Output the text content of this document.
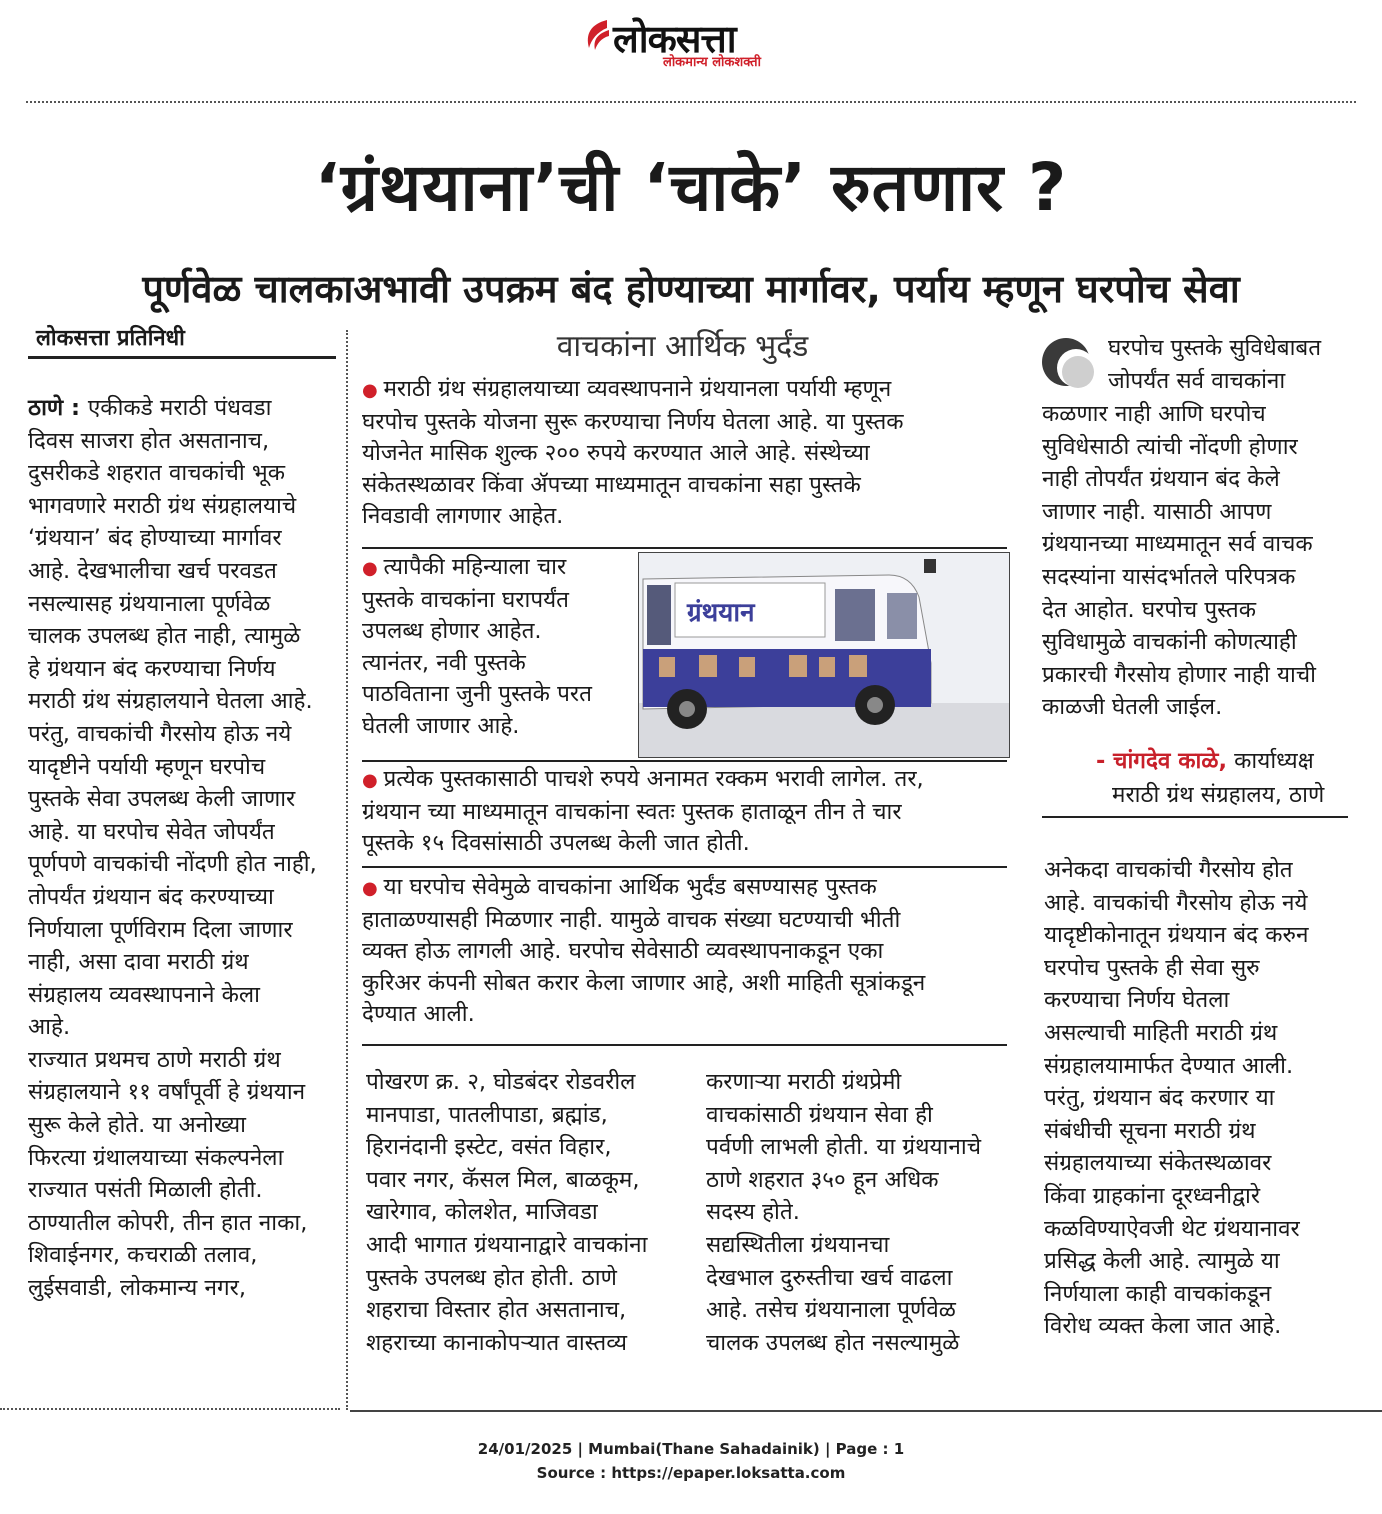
लोकसत्ता
लोकमान्य लोकशक्ती
‘ग्रंथयाना’ची ‘चाके’ रुतणार ?
पूर्णवेळ चालकाअभावी उपक्रम बंद होण्याच्या मार्गावर, पर्याय म्हणून घरपोच सेवा
लोकसत्ता प्रतिनिधी

ठाणे : एकीकडे मराठी पंधवडा

दिवस साजरा होत असतानाच,

दुसरीकडे शहरात वाचकांची भूक

भागवणारे मराठी ग्रंथ संग्रहालयाचे

‘ग्रंथयान’ बंद होण्याच्या मार्गावर

आहे. देखभालीचा खर्च परवडत

नसल्यासह ग्रंथयानाला पूर्णवेळ

चालक उपलब्ध होत नाही, त्यामुळे

हे ग्रंथयान बंद करण्याचा निर्णय

मराठी ग्रंथ संग्रहालयाने घेतला आहे.

परंतु, वाचकांची गैरसोय होऊ नये

यादृष्टीने पर्यायी म्हणून घरपोच

पुस्तके सेवा उपलब्ध केली जाणार

आहे. या घरपोच सेवेत जोपर्यंत

पूर्णपणे वाचकांची नोंदणी होत नाही,

तोपर्यंत ग्रंथयान बंद करण्याच्या

निर्णयाला पूर्णविराम दिला जाणार

नाही, असा दावा मराठी ग्रंथ

संग्रहालय व्यवस्थापनाने केला

आहे.

राज्यात प्रथमच ठाणे मराठी ग्रंथ

संग्रहालयाने ११ वर्षांपूर्वी हे ग्रंथयान

सुरू केले होते. या अनोख्या

फिरत्या ग्रंथालयाच्या संकल्पनेला

राज्यात पसंती मिळाली होती.

ठाण्यातील कोपरी, तीन हात नाका,

शिवाईनगर, कचराळी तलाव,

लुईसवाडी, लोकमान्य नगर,

वाचकांना आर्थिक भुर्दंड

● मराठी ग्रंथ संग्रहालयाच्या व्यवस्थापनाने ग्रंथयानला पर्यायी म्हणून

घरपोच पुस्तके योजना सुरू करण्याचा निर्णय घेतला आहे. या पुस्तक

योजनेत मासिक शुल्क २०० रुपये करण्यात आले आहे. संस्थेच्या

संकेतस्थळावर किंवा ॲपच्या माध्यमातून वाचकांना सहा पुस्तके

निवडावी लागणार आहेत.

● त्यापैकी महिन्याला चार

पुस्तके वाचकांना घरापर्यंत

उपलब्ध होणार आहेत.

त्यानंतर, नवी पुस्तके

पाठविताना जुनी पुस्तके परत

घेतली जाणार आहे.

ग्रंथयान

● प्रत्येक पुस्तकासाठी पाचशे रुपये अनामत रक्कम भरावी लागेल. तर,

ग्रंथयान च्या माध्यमातून वाचकांना स्वतः पुस्तक हाताळून तीन ते चार

पूस्तके १५ दिवसांसाठी उपलब्ध केली जात होती.

● या घरपोच सेवेमुळे वाचकांना आर्थिक भुर्दंड बसण्यासह पुस्तक

हाताळण्यासही मिळणार नाही. यामुळे वाचक संख्या घटण्याची भीती

व्यक्त होऊ लागली आहे. घरपोच सेवेसाठी व्यवस्थापनाकडून एका

कुरिअर कंपनी सोबत करार केला जाणार आहे, अशी माहिती सूत्रांकडून

देण्यात आली.

पोखरण क्र. २, घोडबंदर रोडवरील

मानपाडा, पातलीपाडा, ब्रह्मांड,

हिरानंदानी इस्टेट, वसंत विहार,

पवार नगर, कॅसल मिल, बाळकूम,

खारेगाव, कोलशेत, माजिवडा

आदी भागात ग्रंथयानाद्वारे वाचकांना

पुस्तके उपलब्ध होत होती. ठाणे

शहराचा विस्तार होत असतानाच,

शहराच्या कानाकोपऱ्यात वास्तव्य

करणाऱ्या मराठी ग्रंथप्रेमी

वाचकांसाठी ग्रंथयान सेवा ही

पर्वणी लाभली होती. या ग्रंथयानाचे

ठाणे शहरात ३५० हून अधिक

सदस्य होते.

सद्यस्थितीला ग्रंथयानचा

देखभाल दुरुस्तीचा खर्च वाढला

आहे. तसेच ग्रंथयानाला पूर्णवेळ

चालक उपलब्ध होत नसल्यामुळे

घरपोच पुस्तके सुविधेबाबत

जोपर्यंत सर्व वाचकांना

कळणार नाही आणि घरपोच

सुविधेसाठी त्यांची नोंदणी होणार

नाही तोपर्यंत ग्रंथयान बंद केले

जाणार नाही. यासाठी आपण

ग्रंथयानच्या माध्यमातून सर्व वाचक

सदस्यांना यासंदर्भातले परिपत्रक

देत आहोत. घरपोच पुस्तक

सुविधामुळे वाचकांनी कोणत्याही

प्रकारची गैरसोय होणार नाही याची

काळजी घेतली जाईल.

- चांगदेव काळे, कार्याध्यक्ष
मराठी ग्रंथ संग्रहालय, ठाणे

अनेकदा वाचकांची गैरसोय होत

आहे. वाचकांची गैरसोय होऊ नये

यादृष्टीकोनातून ग्रंथयान बंद करुन

घरपोच पुस्तके ही सेवा सुरु

करण्याचा निर्णय घेतला

असल्याची माहिती मराठी ग्रंथ

संग्रहालयामार्फत देण्यात आली.

परंतु, ग्रंथयान बंद करणार या

संबंधीची सूचना मराठी ग्रंथ

संग्रहालयाच्या संकेतस्थळावर

किंवा ग्राहकांना दूरध्वनीद्वारे

कळविण्याऐवजी थेट ग्रंथयानावर

प्रसिद्ध केली आहे. त्यामुळे या

निर्णयाला काही वाचकांकडून

विरोध व्यक्त केला जात आहे.

24/01/2025 | Mumbai(Thane Sahadainik) | Page : 1
Source : https://epaper.loksatta.com
